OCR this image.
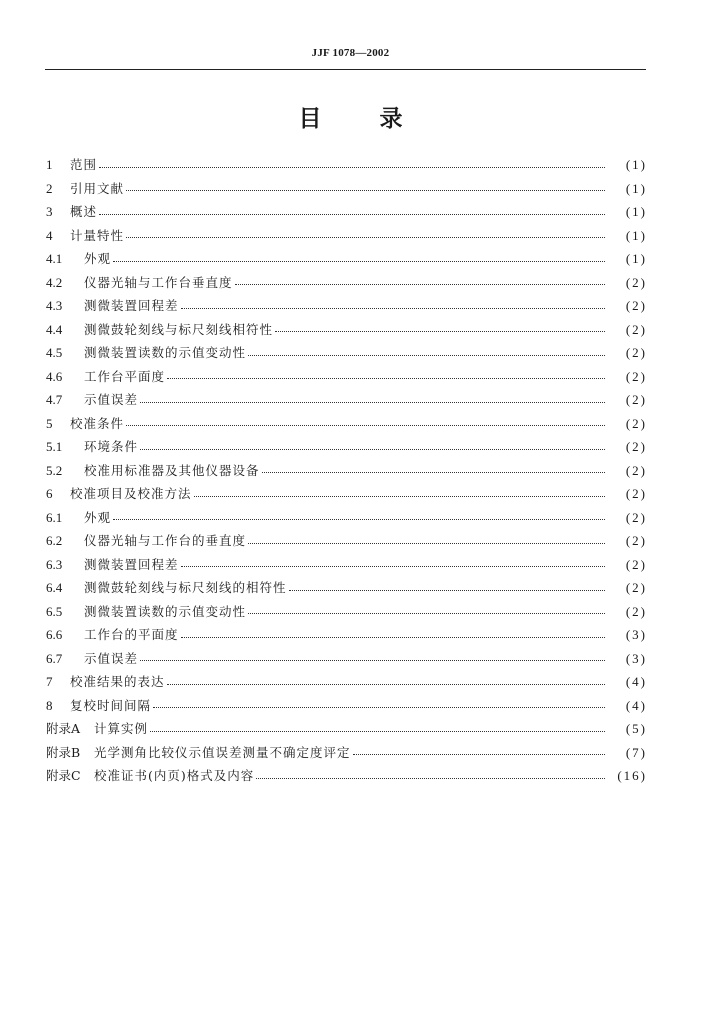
JJF 1078—2002
目	录
1	范围	(1)
2	引用文献	(1)
3	概述	(1)
4	计量特性	(1)
4.1	外观	(1)
4.2	仪器光轴与工作台垂直度	(2)
4.3	测微装置回程差	(2)
4.4	测微鼓轮刻线与标尺刻线相符性	(2)
4.5	测微装置读数的示值变动性	(2)
4.6	工作台平面度	(2)
4.7	示值误差	(2)
5	校准条件	(2)
5.1	环境条件	(2)
5.2	校准用标准器及其他仪器设备	(2)
6	校准项目及校准方法	(2)
6.1	外观	(2)
6.2	仪器光轴与工作台的垂直度	(2)
6.3	测微装置回程差	(2)
6.4	测微鼓轮刻线与标尺刻线的相符性	(2)
6.5	测微装置读数的示值变动性	(2)
6.6	工作台的平面度	(3)
6.7	示值误差	(3)
7	校准结果的表达	(4)
8	复校时间间隔	(4)
附录A	计算实例	(5)
附录B	光学测角比较仪示值误差测量不确定度评定	(7)
附录C	校准证书(内页)格式及内容	(16)
